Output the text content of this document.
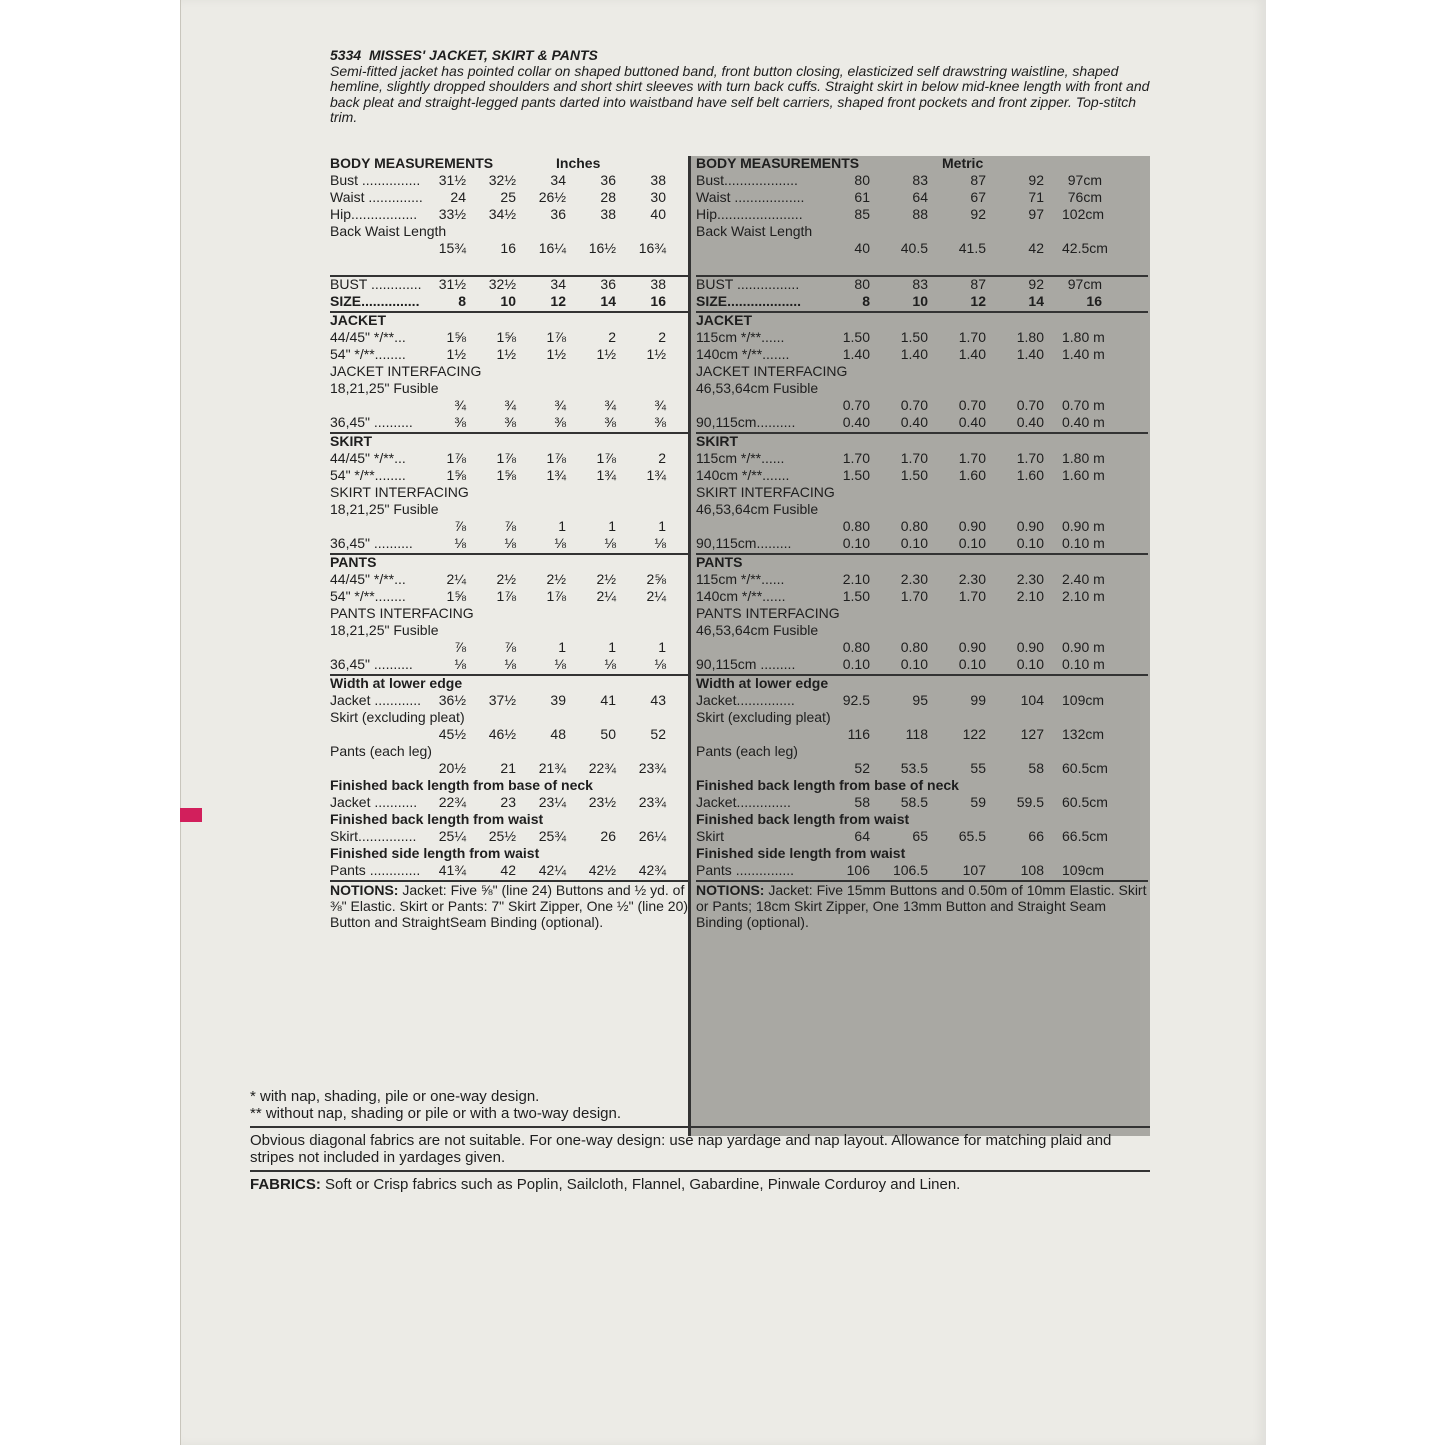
5334 MISSES' JACKET, SKIRT & PANTS
Semi-fitted jacket has pointed collar on shaped buttoned band, front button closing, elasticized self drawstring waistline, shaped hemline, slightly dropped shoulders and short shirt sleeves with turn back cuffs. Straight skirt in below mid-knee length with front and back pleat and straight-legged pants darted into waistband have self belt carriers, shaped front pockets and front zipper. Top-stitch trim.
BODY MEASUREMENTS	Inches
Bust ...............	31½	32½	34	36	38
Waist ..............	24	25	26½	28	30
Hip.................	33½	34½	36	38	40
Back Waist Length
15¾	16	16¼	16½	16¾
BUST .............	31½	32½	34	36	38
SIZE...............	8	10	12	14	16
JACKET
44/45" */**...	1⅝	1⅝	1⅞	2	2
54" */**........	1½	1½	1½	1½	1½
JACKET INTERFACING
18,21,25" Fusible
¾	¾	¾	¾	¾
36,45" ..........	⅜	⅜	⅜	⅜	⅜
SKIRT
44/45" */**...	1⅞	1⅞	1⅞	1⅞	2
54" */**........	1⅝	1⅝	1¾	1¾	1¾
SKIRT INTERFACING
18,21,25" Fusible
⅞	⅞	1	1	1
36,45" ..........	⅛	⅛	⅛	⅛	⅛
PANTS
44/45" */**...	2¼	2½	2½	2½	2⅝
54" */**........	1⅝	1⅞	1⅞	2¼	2¼
PANTS INTERFACING
18,21,25" Fusible
⅞	⅞	1	1	1
36,45" ..........	⅛	⅛	⅛	⅛	⅛
Width at lower edge
Jacket ............	36½	37½	39	41	43
Skirt (excluding pleat)
45½	46½	48	50	52
Pants (each leg)
20½	21	21¾	22¾	23¾
Finished back length from base of neck
Jacket ...........	22¾	23	23¼	23½	23¾
Finished back length from waist
Skirt...............	25¼	25½	25¾	26	26¼
Finished side length from waist
Pants .............	41¾	42	42¼	42½	42¾
NOTIONS: Jacket: Five ⅝" (line 24) Buttons and ½ yd. of ⅜" Elastic. Skirt or Pants: 7" Skirt Zipper, One ½" (line 20) Button and StraightSeam Binding (optional).
BODY MEASUREMENTS	Metric
Bust...................	80	83	87	92	97cm
Waist ..................	61	64	67	71	76cm
Hip......................	85	88	92	97 102cm
Back Waist Length
40	40.5	41.5	42 42.5cm
BUST ................	80	83	87	92	97cm
SIZE...................	8	10	12	14	16
JACKET
115cm */**......	1.50	1.50	1.70	1.80 1.80 m
140cm */**.......	1.40	1.40	1.40	1.40 1.40 m
JACKET INTERFACING
46,53,64cm Fusible
0.70	0.70	0.70	0.70 0.70 m
90,115cm..........	0.40	0.40	0.40	0.40 0.40 m
SKIRT
115cm */**......	1.70	1.70	1.70	1.70 1.80 m
140cm */**.......	1.50	1.50	1.60	1.60 1.60 m
SKIRT INTERFACING
46,53,64cm Fusible
0.80	0.80	0.90	0.90 0.90 m
90,115cm.........	0.10	0.10	0.10	0.10 0.10 m
PANTS
115cm */**......	2.10	2.30	2.30	2.30 2.40 m
140cm */**......	1.50	1.70	1.70	2.10 2.10 m
PANTS INTERFACING
46,53,64cm Fusible
0.80	0.80	0.90	0.90 0.90 m
90,115cm .........	0.10	0.10	0.10	0.10 0.10 m
Width at lower edge
Jacket...............	92.5	95	99	104 109cm
Skirt (excluding pleat)
116	118	122	127 132cm
Pants (each leg)
52	53.5	55	58 60.5cm
Finished back length from base of neck
Jacket..............	58	58.5	59	59.5 60.5cm
Finished back length from waist
Skirt	64	65	65.5	66 66.5cm
Finished side length from waist
Pants ...............	106	106.5	107	108 109cm
NOTIONS: Jacket: Five 15mm Buttons and 0.50m of 10mm Elastic. Skirt or Pants; 18cm Skirt Zipper, One 13mm Button and Straight Seam Binding (optional).
* with nap, shading, pile or one-way design.
** without nap, shading or pile or with a two-way design.
Obvious diagonal fabrics are not suitable. For one-way design: use nap yardage and nap layout. Allowance for matching plaid and stripes not included in yardages given.
FABRICS: Soft or Crisp fabrics such as Poplin, Sailcloth, Flannel, Gabardine, Pinwale Corduroy and Linen.
